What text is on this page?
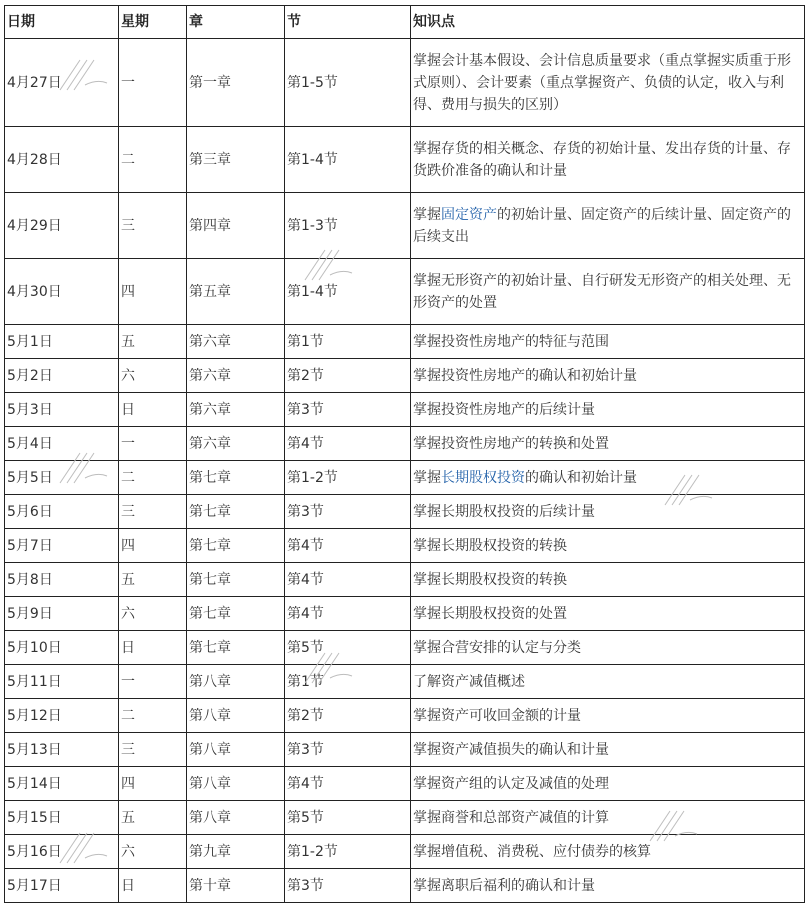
日期	星期	章	节	知识点
4月27日	一	第一章	第1-5节	掌握会计基本假设、会计信息质量要求（重点掌握实质重于形式原则）、会计要素（重点掌握资产、负债的认定，收入与利得、费用与损失的区别）
4月28日	二	第三章	第1-4节	掌握存货的相关概念、存货的初始计量、发出存货的计量、存货跌价准备的确认和计量
4月29日	三	第四章	第1-3节	掌握固定资产的初始计量、固定资产的后续计量、固定资产的后续支出
4月30日	四	第五章	第1-4节	掌握无形资产的初始计量、自行研发无形资产的相关处理、无形资产的处置
5月1日	五	第六章	第1节	掌握投资性房地产的特征与范围
5月2日	六	第六章	第2节	掌握投资性房地产的确认和初始计量
5月3日	日	第六章	第3节	掌握投资性房地产的后续计量
5月4日	一	第六章	第4节	掌握投资性房地产的转换和处置
5月5日	二	第七章	第1-2节	掌握长期股权投资的确认和初始计量
5月6日	三	第七章	第3节	掌握长期股权投资的后续计量
5月7日	四	第七章	第4节	掌握长期股权投资的转换
5月8日	五	第七章	第4节	掌握长期股权投资的转换
5月9日	六	第七章	第4节	掌握长期股权投资的处置
5月10日	日	第七章	第5节	掌握合营安排的认定与分类
5月11日	一	第八章	第1节	了解资产减值概述
5月12日	二	第八章	第2节	掌握资产可收回金额的计量
5月13日	三	第八章	第3节	掌握资产减值损失的确认和计量
5月14日	四	第八章	第4节	掌握资产组的认定及减值的处理
5月15日	五	第八章	第5节	掌握商誉和总部资产减值的计算
5月16日	六	第九章	第1-2节	掌握增值税、消费税、应付债券的核算
5月17日	日	第十章	第3节	掌握离职后福利的确认和计量
